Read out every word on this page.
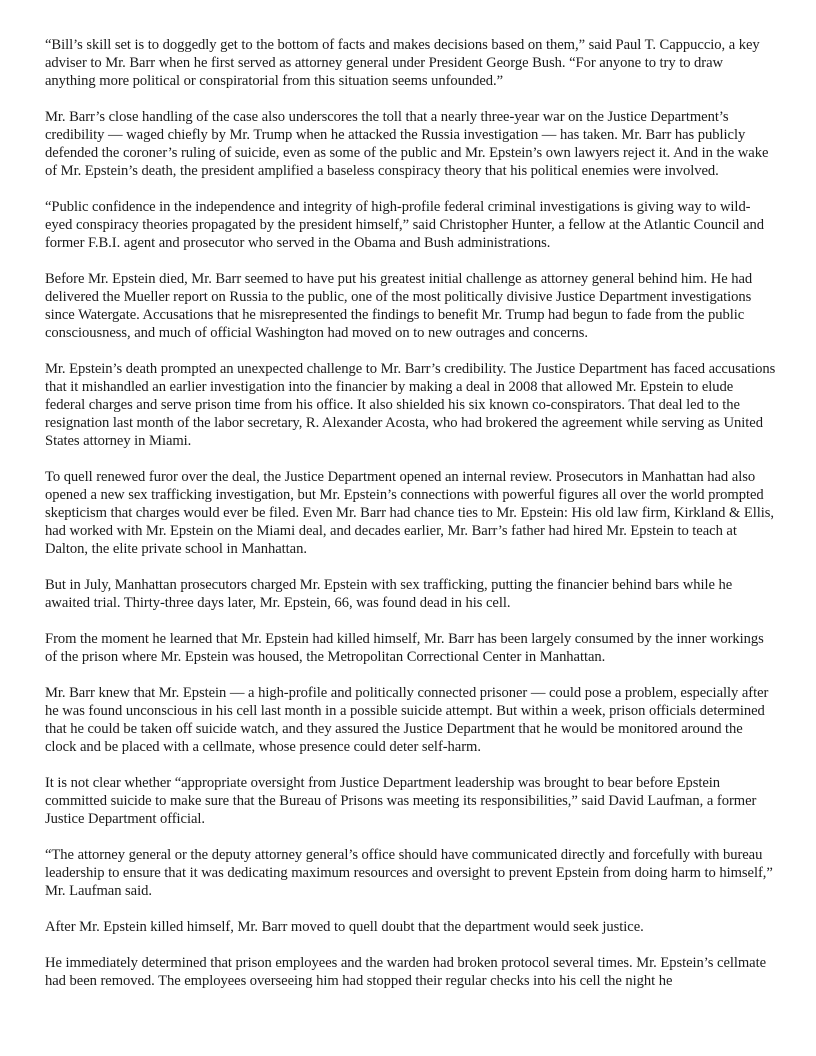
“Bill’s skill set is to doggedly get to the bottom of facts and makes decisions based on them,” said Paul T. Cappuccio, a key adviser to Mr. Barr when he first served as attorney general under President George Bush. “For anyone to try to draw anything more political or conspiratorial from this situation seems unfounded.”

Mr. Barr’s close handling of the case also underscores the toll that a nearly three-year war on the Justice Department’s credibility — waged chiefly by Mr. Trump when he attacked the Russia investigation — has taken. Mr. Barr has publicly defended the coroner’s ruling of suicide, even as some of the public and Mr. Epstein’s own lawyers reject it. And in the wake of Mr. Epstein’s death, the president amplified a baseless conspiracy theory that his political enemies were involved.

“Public confidence in the independence and integrity of high-profile federal criminal investigations is giving way to wild-eyed conspiracy theories propagated by the president himself,” said Christopher Hunter, a fellow at the Atlantic Council and former F.B.I. agent and prosecutor who served in the Obama and Bush administrations.

Before Mr. Epstein died, Mr. Barr seemed to have put his greatest initial challenge as attorney general behind him. He had delivered the Mueller report on Russia to the public, one of the most politically divisive Justice Department investigations since Watergate. Accusations that he misrepresented the findings to benefit Mr. Trump had begun to fade from the public consciousness, and much of official Washington had moved on to new outrages and concerns.

Mr. Epstein’s death prompted an unexpected challenge to Mr. Barr’s credibility. The Justice Department has faced accusations that it mishandled an earlier investigation into the financier by making a deal in 2008 that allowed Mr. Epstein to elude federal charges and serve prison time from his office. It also shielded his six known co-conspirators. That deal led to the resignation last month of the labor secretary, R. Alexander Acosta, who had brokered the agreement while serving as United States attorney in Miami.

To quell renewed furor over the deal, the Justice Department opened an internal review. Prosecutors in Manhattan had also opened a new sex trafficking investigation, but Mr. Epstein’s connections with powerful figures all over the world prompted skepticism that charges would ever be filed. Even Mr. Barr had chance ties to Mr. Epstein: His old law firm, Kirkland & Ellis, had worked with Mr. Epstein on the Miami deal, and decades earlier, Mr. Barr’s father had hired Mr. Epstein to teach at Dalton, the elite private school in Manhattan.

But in July, Manhattan prosecutors charged Mr. Epstein with sex trafficking, putting the financier behind bars while he awaited trial. Thirty-three days later, Mr. Epstein, 66, was found dead in his cell.

From the moment he learned that Mr. Epstein had killed himself, Mr. Barr has been largely consumed by the inner workings of the prison where Mr. Epstein was housed, the Metropolitan Correctional Center in Manhattan.

Mr. Barr knew that Mr. Epstein — a high-profile and politically connected prisoner — could pose a problem, especially after he was found unconscious in his cell last month in a possible suicide attempt. But within a week, prison officials determined that he could be taken off suicide watch, and they assured the Justice Department that he would be monitored around the clock and be placed with a cellmate, whose presence could deter self-harm.

It is not clear whether “appropriate oversight from Justice Department leadership was brought to bear before Epstein committed suicide to make sure that the Bureau of Prisons was meeting its responsibilities,” said David Laufman, a former Justice Department official.

“The attorney general or the deputy attorney general’s office should have communicated directly and forcefully with bureau leadership to ensure that it was dedicating maximum resources and oversight to prevent Epstein from doing harm to himself,” Mr. Laufman said.

After Mr. Epstein killed himself, Mr. Barr moved to quell doubt that the department would seek justice.

He immediately determined that prison employees and the warden had broken protocol several times. Mr. Epstein’s cellmate had been removed. The employees overseeing him had stopped their regular checks into his cell the night he
